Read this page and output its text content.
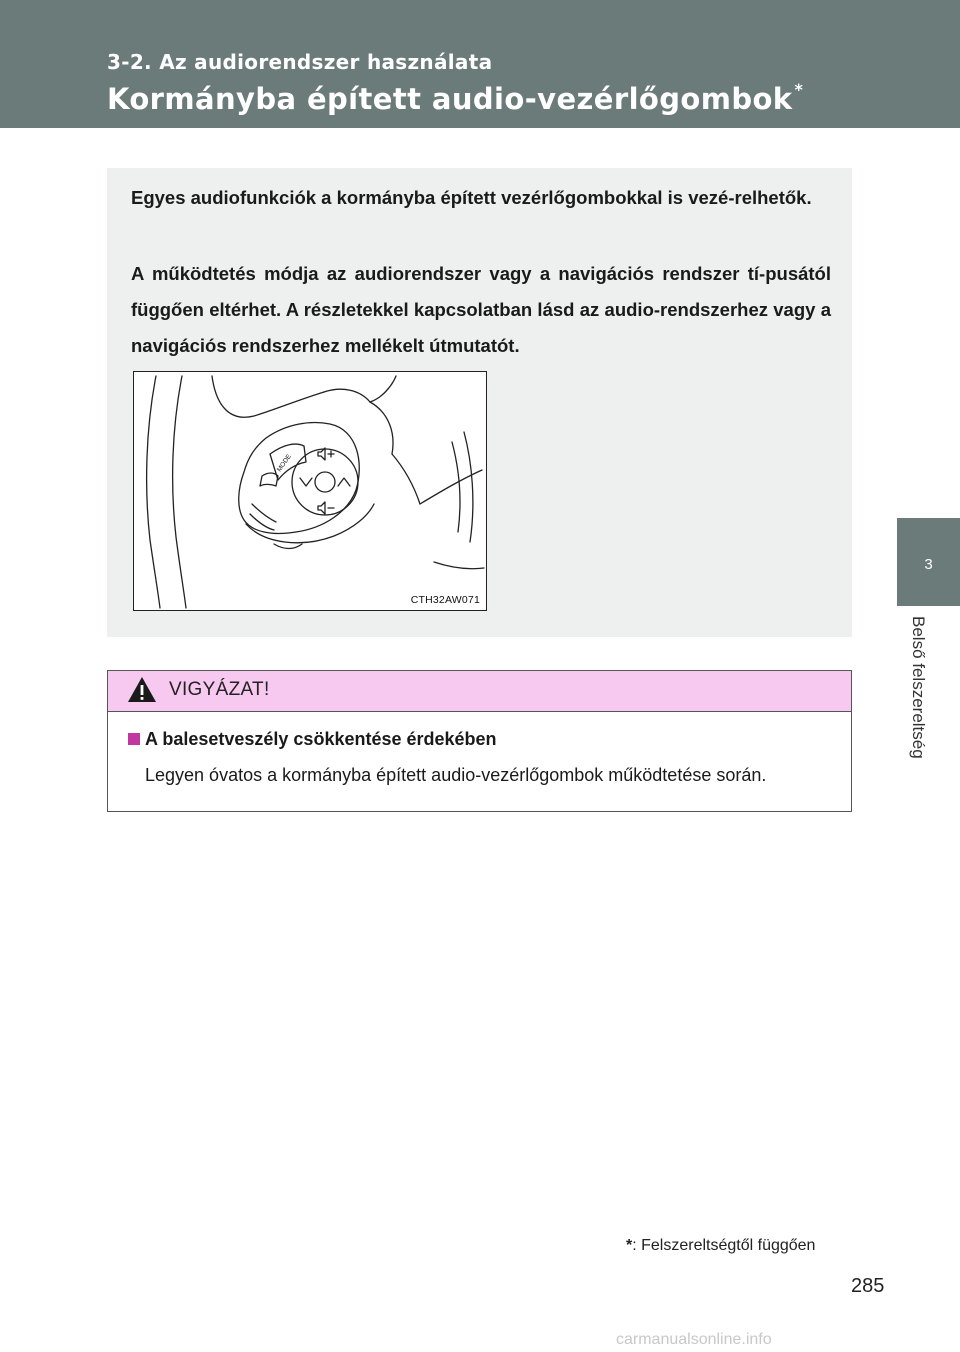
3-2. Az audiorendszer használata
Kormányba épített audio-vezérlőgombok *
3
Belső felszereltség

Egyes audiofunkciók a kormányba épített vezérlőgombokkal is vezé-relhetők.

A működtetés módja az audiorendszer vagy a navigációs rendszer tí-pusától függően eltérhet. A részletekkel kapcsolatban lásd az audio-rendszerhez vagy a navigációs rendszerhez mellékelt útmutatót.

MODE
CTH32AW071
VIGYÁZAT!
A balesetveszély csökkentése érdekében
Legyen óvatos a kormányba épített audio-vezérlőgombok működtetése során.
*: Felszereltségtől függően
285
carmanualsonline.info
